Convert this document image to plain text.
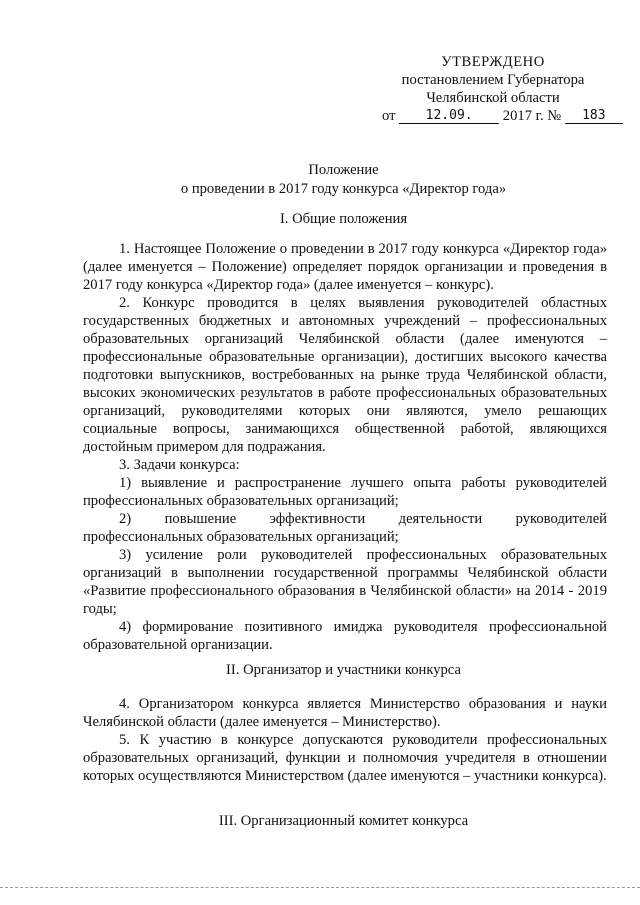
УТВЕРЖДЕНО
постановлением Губернатора
Челябинской области
от 12.09. 2017 г. № 183
Положение
о проведении в 2017 году конкурса «Директор года»
I. Общие положения

1. Настоящее Положение о проведении в 2017 году конкурса «Директор года» (далее именуется – Положение) определяет порядок организации и проведения в 2017 году конкурса «Директор года» (далее именуется – конкурс).

2. Конкурс проводится в целях выявления руководителей областных государственных бюджетных и автономных учреждений – профессиональных образовательных организаций Челябинской области (далее именуются – профессиональные образовательные организации), достигших высокого качества подготовки выпускников, востребованных на рынке труда Челябинской области, высоких экономических результатов в работе профессиональных образовательных организаций, руководителями которых они являются, умело решающих социальные вопросы, занимающихся общественной работой, являющихся достойным примером для подражания.

3. Задачи конкурса:

1) выявление и распространение лучшего опыта работы руководителей профессиональных образовательных организаций;

2) повышение эффективности деятельности руководителей профессиональных образовательных организаций;

3) усиление роли руководителей профессиональных образовательных организаций в выполнении государственной программы Челябинской области «Развитие профессионального образования в Челябинской области» на 2014 - 2019 годы;

4) формирование позитивного имиджа руководителя профессиональной образовательной организации.

II. Организатор и участники конкурса

4. Организатором конкурса является Министерство образования и науки Челябинской области (далее именуется – Министерство).

5. К участию в конкурсе допускаются руководители профессиональных образовательных организаций, функции и полномочия учредителя в отношении которых осуществляются Министерством (далее именуются – участники конкурса).

III. Организационный комитет конкурса
